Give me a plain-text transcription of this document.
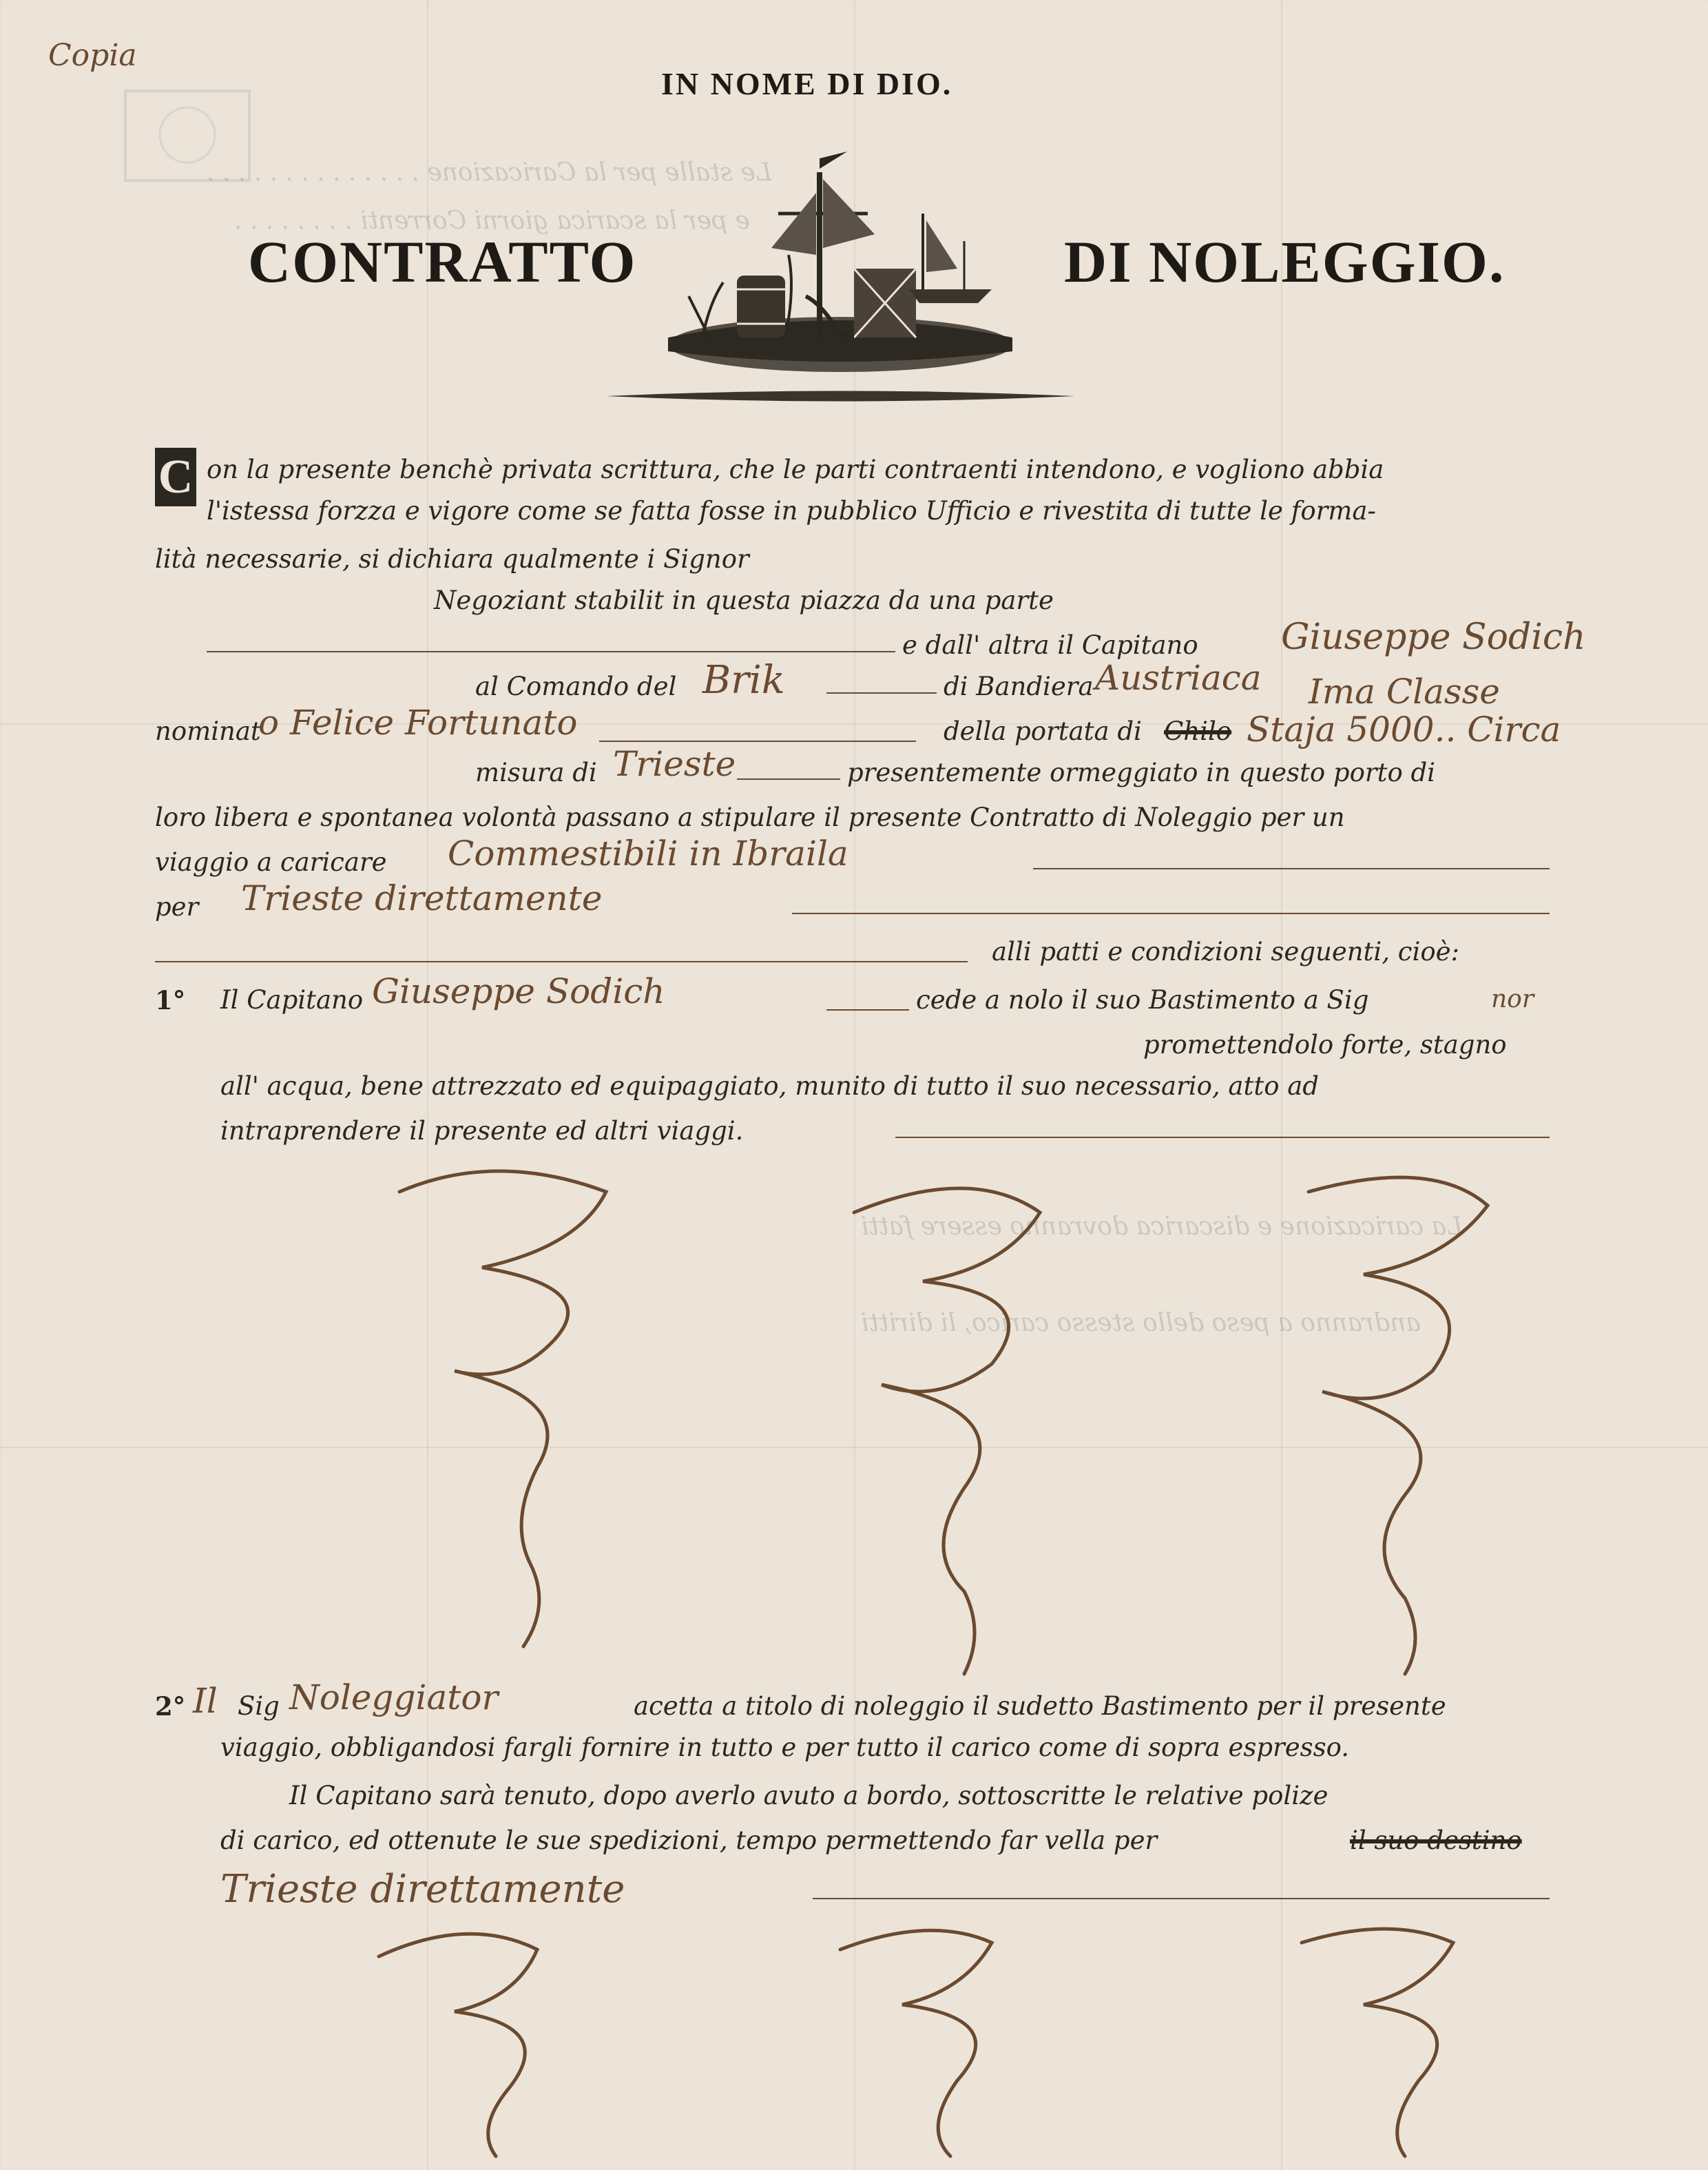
Le stalle per la Caricazione . . . . . . . . . . . . . .
e per la scarica giorni Correnti . . . . . . . .
La caricazione e discarica dovranno essere fatti
andranno a peso dello stesso carico, li diritti
Copia
IN NOME DI DIO.
CONTRATTO	DI NOLEGGIO.
C on la presente benchè privata scrittura, che le parti contraenti intendono, e vogliono abbia
l'istessa forzza e vigore come se fatta fosse in pubblico Ufficio e rivestita di tutte le forma-
lità necessarie, si dichiara qualmente i Signor
Negoziant stabilit in questa piazza da una parte
e dall' altra il Capitano Giuseppe Sodich
al Comando del Brik	di Bandiera Austriaca Ima Classe
nominat
o Felice Fortunato	della portata di Chilo Staja 5000.. Circa
misura di Trieste	presentemente ormeggiato in questo porto di
loro libera e spontanea volontà passano a stipulare il presente Contratto di Noleggio per un
viaggio a caricare Commestibili in Ibraila
per Trieste direttamente
alli patti e condizioni seguenti, cioè:
1° Il Capitano Giuseppe Sodich	cede a nolo il suo Bastimento a Sig	nor
promettendolo forte, stagno
all' acqua, bene attrezzato ed equipaggiato, munito di tutto il suo necessario, atto ad
intraprendere il presente ed altri viaggi.
2° Il Sig Noleggiator	acetta a titolo di noleggio il sudetto Bastimento per il presente
viaggio, obbligandosi fargli fornire in tutto e per tutto il carico come di sopra espresso.
Il Capitano sarà tenuto, dopo averlo avuto a bordo, sottoscritte le relative polize
di carico, ed ottenute le sue spedizioni, tempo permettendo far vella per	il suo destino
Trieste direttamente
